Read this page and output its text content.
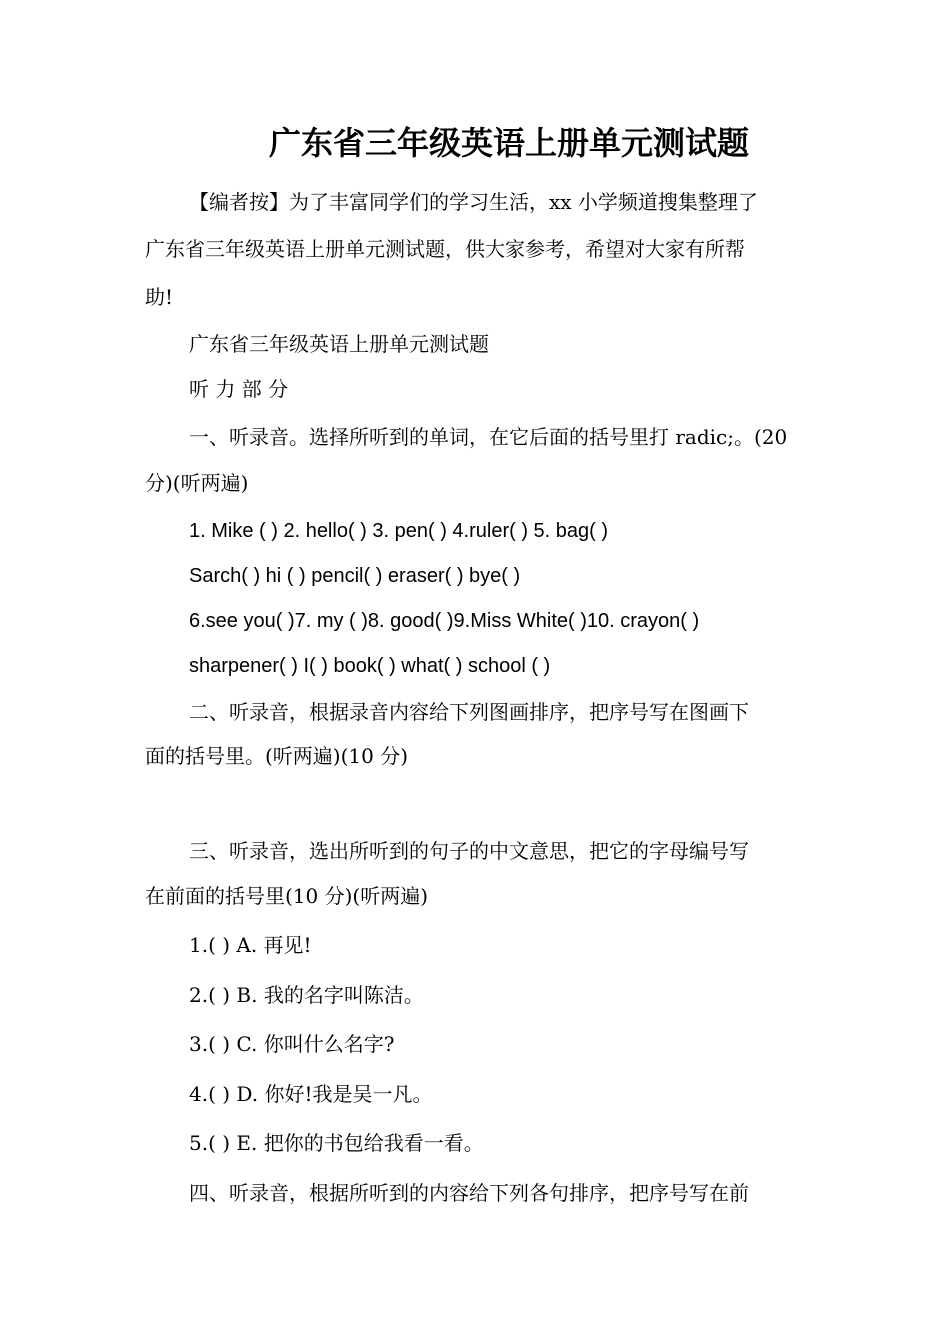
广东省三年级英语上册单元测试题
【编者按】为了丰富同学们的学习生活，xx 小学频道搜集整理了
广东省三年级英语上册单元测试题，供大家参考，希望对大家有所帮
助!
广东省三年级英语上册单元测试题
听 力 部 分
一、听录音。选择所听到的单词，在它后面的括号里打 radic;。(20
分)(听两遍)
1. Mike ( ) 2. hello( ) 3. pen( ) 4.ruler( ) 5. bag( )
Sarch( ) hi ( ) pencil( ) eraser( ) bye( )
6.see you( )7. my ( )8. good( )9.Miss White( )10. crayon( )
sharpener( ) I( ) book( ) what( ) school ( )
二、听录音，根据录音内容给下列图画排序，把序号写在图画下
面的括号里。(听两遍)(10 分)
三、听录音，选出所听到的句子的中文意思，把它的字母编号写
在前面的括号里(10 分)(听两遍)
1.( ) A. 再见!
2.( ) B. 我的名字叫陈洁。
3.( ) C. 你叫什么名字?
4.( ) D. 你好!我是吴一凡。
5.( ) E. 把你的书包给我看一看。
四、听录音，根据所听到的内容给下列各句排序，把序号写在前
